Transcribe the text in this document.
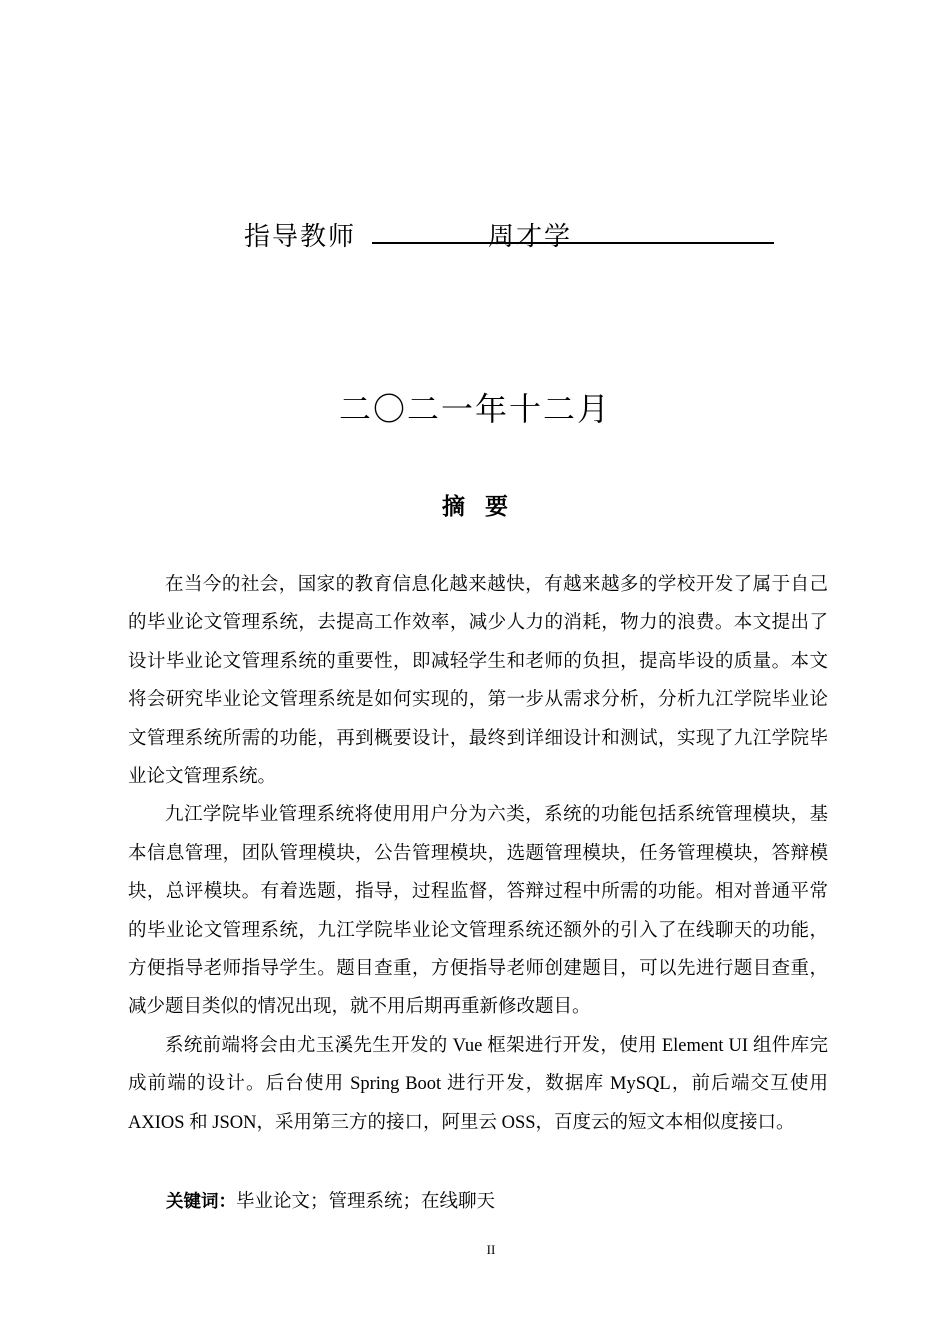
指导教师	周才学
二〇二一年十二月
摘要

在当今的社会，国家的教育信息化越来越快，有越来越多的学校开发了属于自己的毕业论文管理系统，去提高工作效率，减少人力的消耗，物力的浪费。本文提出了设计毕业论文管理系统的重要性，即减轻学生和老师的负担，提高毕设的质量。本文将会研究毕业论文管理系统是如何实现的，第一步从需求分析，分析九江学院毕业论文管理系统所需的功能，再到概要设计，最终到详细设计和测试，实现了九江学院毕业论文管理系统。

九江学院毕业管理系统将使用用户分为六类，系统的功能包括系统管理模块，基本信息管理，团队管理模块，公告管理模块，选题管理模块，任务管理模块，答辩模块，总评模块。有着选题，指导，过程监督，答辩过程中所需的功能。相对普通平常的毕业论文管理系统，九江学院毕业论文管理系统还额外的引入了在线聊天的功能，方便指导老师指导学生。题目查重，方便指导老师创建题目，可以先进行题目查重，减少题目类似的情况出现，就不用后期再重新修改题目。

系统前端将会由尤玉溪先生开发的 Vue 框架进行开发，使用 Element UI 组件库完成前端的设计。后台使用 Spring Boot 进行开发，数据库 MySQL，前后端交互使用 AXIOS 和 JSON，采用第三方的接口，阿里云 OSS，百度云的短文本相似度接口。

关键词：毕业论文；管理系统；在线聊天
II
